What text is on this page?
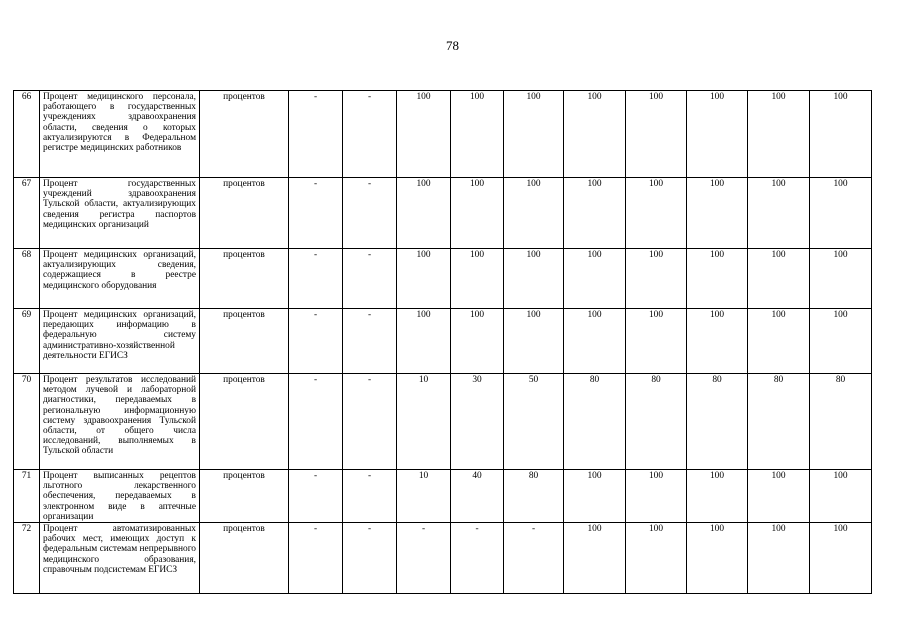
78
66	Процент медицинского персонала, работающего в государственных учреждениях здравоохранения области, сведения о которых актуализируются в Федеральном регистре медицинских работников	процентов	-	-	100	100	100	100	100	100	100	100
67	Процент государственных учреждений здравоохранения Тульской области, актуализирующих сведения регистра паспортов медицинских организаций	процентов	-	-	100	100	100	100	100	100	100	100
68	Процент медицинских организаций, актуализирующих сведения, содержащиеся в реестре медицинского оборудования	процентов	-	-	100	100	100	100	100	100	100	100
69	Процент медицинских организаций, передающих информацию в федеральную систему административно-хозяйственной деятельности ЕГИСЗ	процентов	-	-	100	100	100	100	100	100	100	100
70	Процент результатов исследований методом лучевой и лабораторной диагностики, передаваемых в региональную информационную систему здравоохранения Тульской области, от общего числа исследований, выполняемых в Тульской области	процентов	-	-	10	30	50	80	80	80	80	80
71	Процент выписанных рецептов льготного лекарственного обеспечения, передаваемых в электронном виде в аптечные организации	процентов	-	-	10	40	80	100	100	100	100	100
72	Процент автоматизированных рабочих мест, имеющих доступ к федеральным системам непрерывного медицинского образования, справочным подсистемам ЕГИСЗ	процентов	-	-	-	-	-	100	100	100	100	100
